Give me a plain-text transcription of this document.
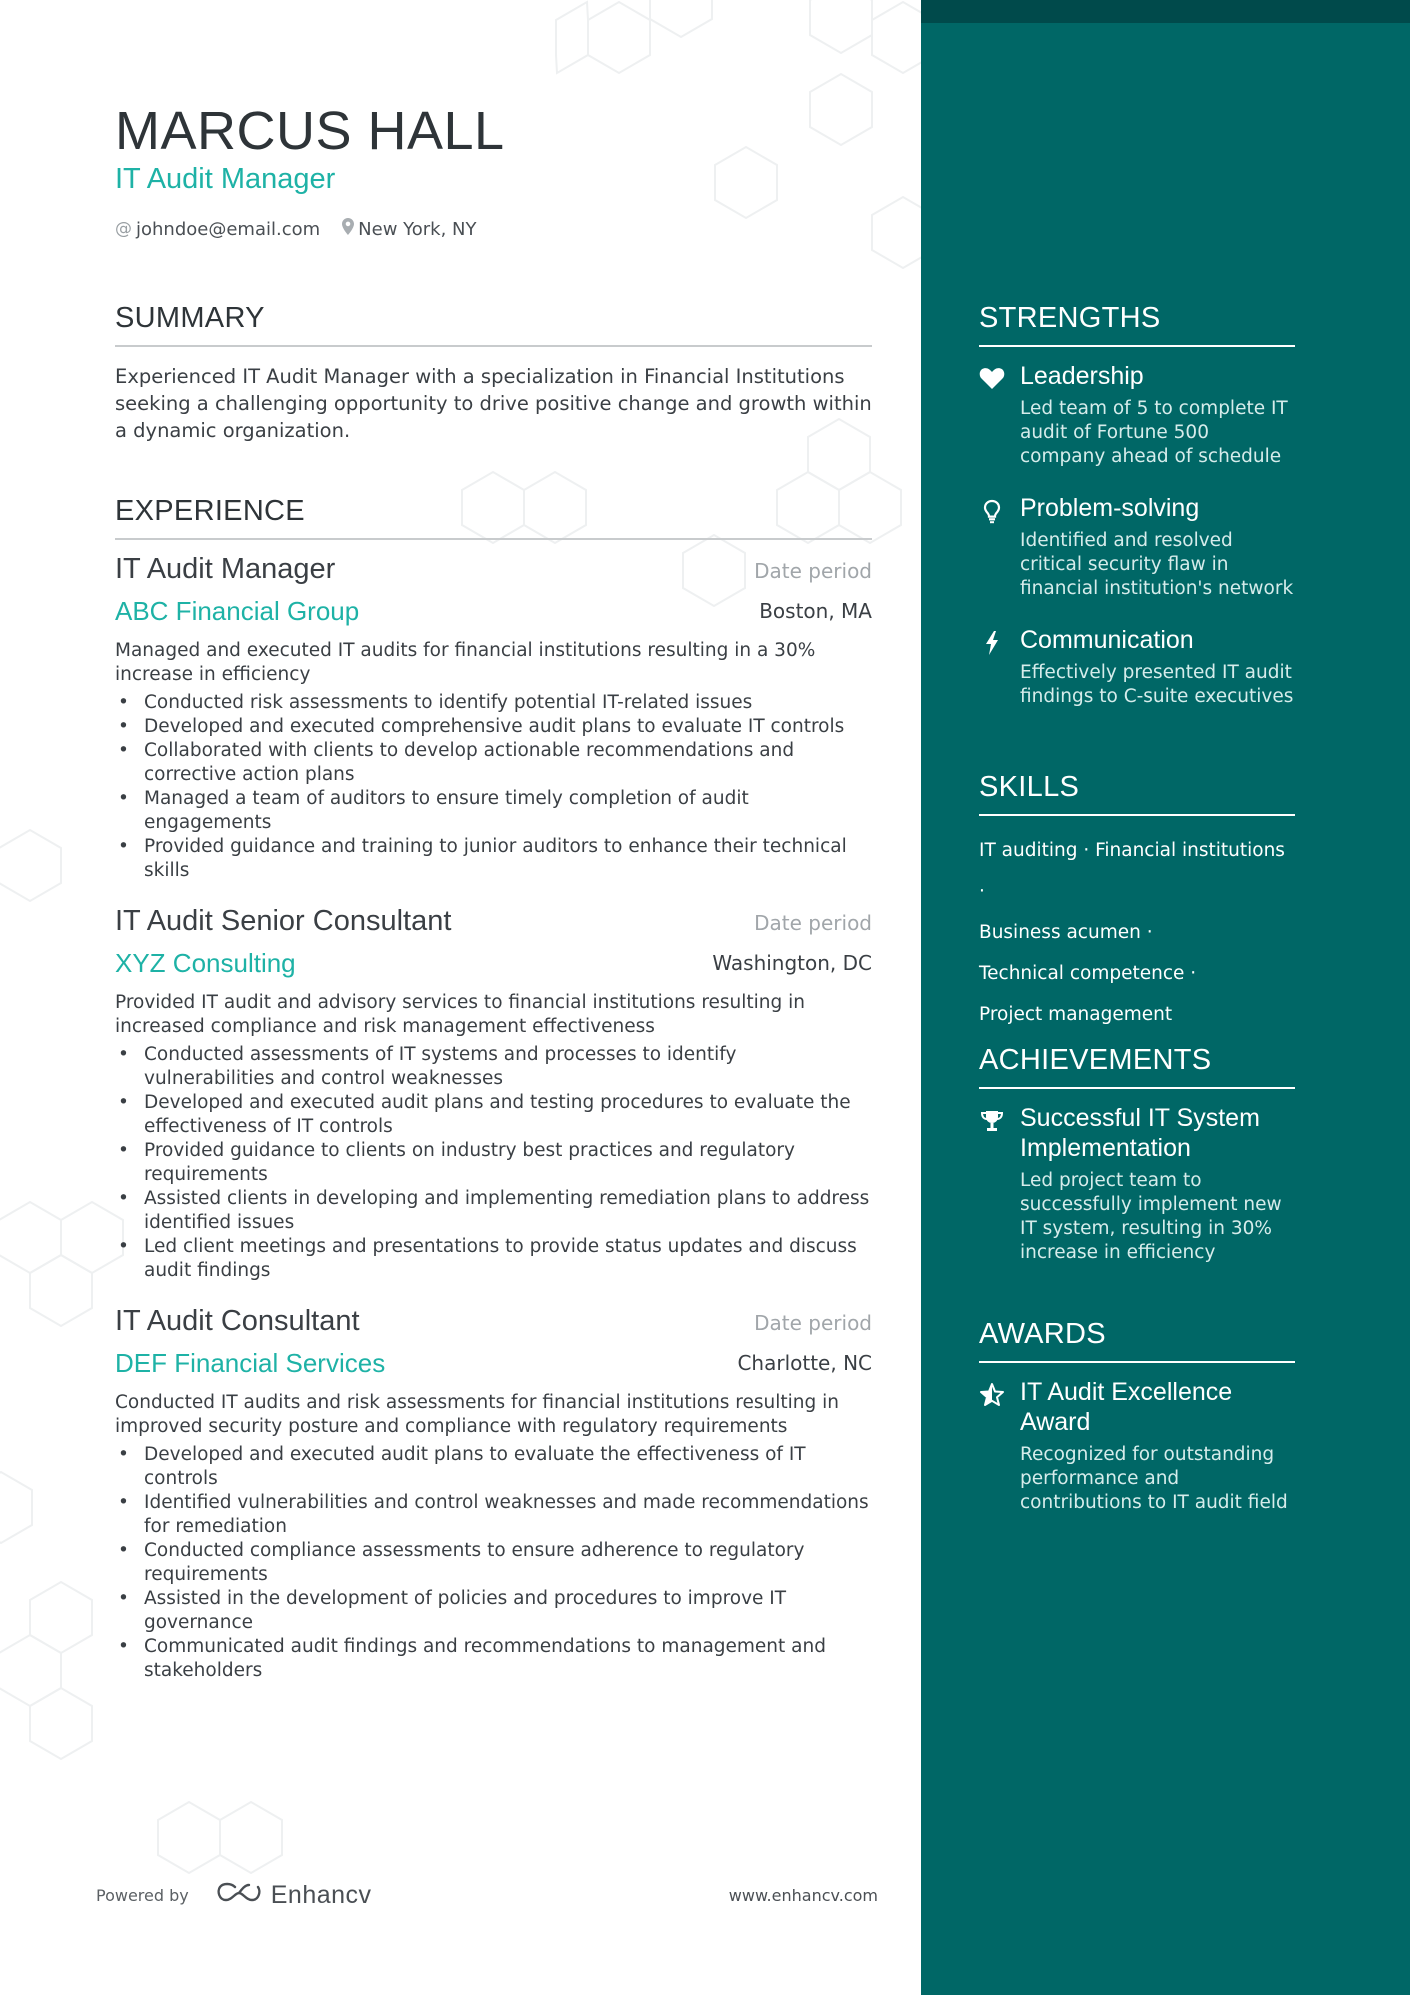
MARCUS HALL
IT Audit Manager
@ johndoe@email.com New York, NY
SUMMARY

Experienced IT Audit Manager with a specialization in Financial Institutions seeking a challenging opportunity to drive positive change and growth within a dynamic organization.

EXPERIENCE
IT Audit Manager	Date period
ABC Financial Group	Boston, MA
Managed and executed IT audits for financial institutions resulting in a 30% increase in efficiency
• Conducted risk assessments to identify potential IT-related issues
• Developed and executed comprehensive audit plans to evaluate IT controls
• Collaborated with clients to develop actionable recommendations and corrective action plans
• Managed a team of auditors to ensure timely completion of audit engagements
• Provided guidance and training to junior auditors to enhance their technical skills
IT Audit Senior Consultant	Date period
XYZ Consulting	Washington, DC
Provided IT audit and advisory services to financial institutions resulting in increased compliance and risk management effectiveness
• Conducted assessments of IT systems and processes to identify vulnerabilities and control weaknesses
• Developed and executed audit plans and testing procedures to evaluate the effectiveness of IT controls
• Provided guidance to clients on industry best practices and regulatory requirements
• Assisted clients in developing and implementing remediation plans to address identified issues
• Led client meetings and presentations to provide status updates and discuss audit findings
IT Audit Consultant	Date period
DEF Financial Services	Charlotte, NC
Conducted IT audits and risk assessments for financial institutions resulting in improved security posture and compliance with regulatory requirements
• Developed and executed audit plans to evaluate the effectiveness of IT controls
• Identified vulnerabilities and control weaknesses and made recommendations for remediation
• Conducted compliance assessments to ensure adherence to regulatory requirements
• Assisted in the development of policies and procedures to improve IT governance
• Communicated audit findings and recommendations to management and stakeholders
STRENGTHS
Leadership
Led team of 5 to complete IT audit of Fortune 500 company ahead of schedule
Problem-solving
Identified and resolved critical security flaw in financial institution's network
Communication
Effectively presented IT audit findings to C-suite executives
SKILLS
IT auditing · Financial institutions ·
Business acumen ·
Technical competence ·
Project management
ACHIEVEMENTS
Successful IT System Implementation
Led project team to successfully implement new IT system, resulting in 30% increase in efficiency
AWARDS
IT Audit Excellence Award
Recognized for outstanding performance and contributions to IT audit field
Powered by	Enhancv	www.enhancv.com
